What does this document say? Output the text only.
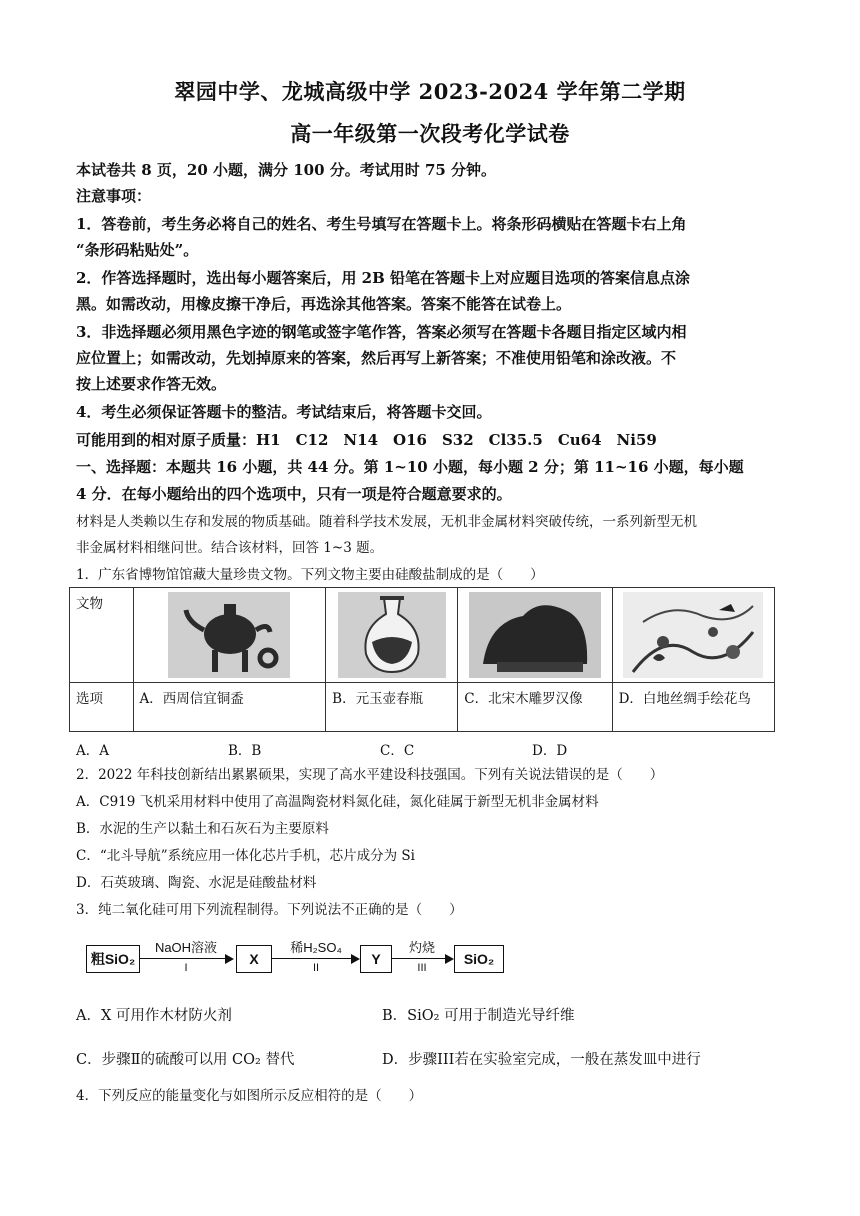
翠园中学、龙城高级中学 2023-2024 学年第二学期
高一年级第一次段考化学试卷
本试卷共 8 页，20 小题，满分 100 分。考试用时 75 分钟。
注意事项：
1．答卷前，考生务必将自己的姓名、考生号填写在答题卡上。将条形码横贴在答题卡右上角
“条形码粘贴处”。
2．作答选择题时，选出每小题答案后，用 2B 铅笔在答题卡上对应题目选项的答案信息点涂
黑。如需改动，用橡皮擦干净后，再选涂其他答案。答案不能答在试卷上。
3．非选择题必须用黑色字迹的钢笔或签字笔作答，答案必须写在答题卡各题目指定区域内相
应位置上；如需改动，先划掉原来的答案，然后再写上新答案；不准使用铅笔和涂改液。不
按上述要求作答无效。
4．考生必须保证答题卡的整洁。考试结束后，将答题卡交回。
可能用到的相对原子质量：H1　C12　N14　O16　S32　Cl35.5　Cu64　Ni59
一、选择题：本题共 16 小题，共 44 分。第 1~10 小题，每小题 2 分；第 11~16 小题，每小题
4 分．在每小题给出的四个选项中，只有一项是符合题意要求的。
材料是人类赖以生存和发展的物质基础。随着科学技术发展，无机非金属材料突破传统，一系列新型无机
非金属材料相继问世。结合该材料，回答 1~3 题。
1．广东省博物馆馆藏大量珍贵文物。下列文物主要由硅酸盐制成的是（　　）
文物	

选项	A．西周信宜铜盉	B．元玉壶春瓶	C．北宋木雕罗汉像	D．白地丝绸手绘花鸟
A．A	B．B	C．C	D．D
2．2022 年科技创新结出累累硕果，实现了高水平建设科技强国。下列有关说法错误的是（　　）
A．C919 飞机采用材料中使用了高温陶瓷材料氮化硅，氮化硅属于新型无机非金属材料
B．水泥的生产以黏土和石灰石为主要原料
C．“北斗导航”系统应用一体化芯片手机，芯片成分为 Si
D．石英玻璃、陶瓷、水泥是硅酸盐材料
3．纯二氧化硅可用下列流程制得。下列说法不正确的是（　　）
粗SiO₂
NaOH溶液
I
X
稀H₂SO₄
II
Y
灼烧
III
SiO₂
A．X 可用作木材防火剂	B．SiO₂ 可用于制造光导纤维
C．步骤Ⅱ的硫酸可以用 CO₂ 替代	D．步骤III若在实验室完成，一般在蒸发皿中进行
4．下列反应的能量变化与如图所示反应相符的是（　　）
